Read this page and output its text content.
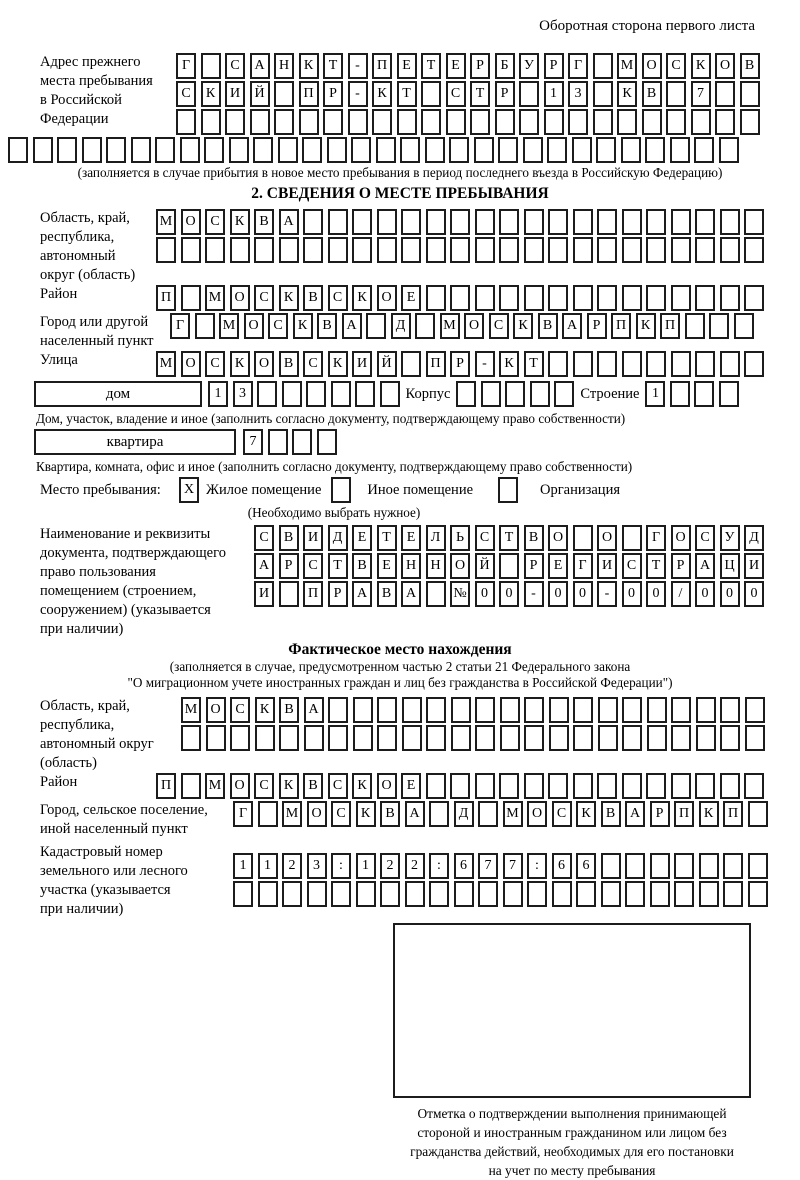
Оборотная сторона первого листа
Адрес прежнего
места пребывания
в Российской
Федерации
Г	С	А	Н	К	Т	-	П	Е	Т	Е	Р	Б	У	Р	Г	М О	С	К	О	В
С	К	И	Й	П	Р	-	К	Т	С	Т	Р	1	3	К	В	7
(заполняется в случае прибытия в новое место пребывания в период последнего въезда в Российскую Федерацию)
2. СВЕДЕНИЯ О МЕСТЕ ПРЕБЫВАНИЯ
Область, край,
республика,
автономный
округ (область)
М О	С	К	В	А
Район	П	М О	С	К	В	С	К	О	Е
Город или другой
населенный пункт
Г	М О	С	К	В	А	Д	М О	С	К	В	А	Р	П	К	П
Улица	М О	С	К	О	В	С	К	И	Й	П	Р	-	К	Т
дом	1	3	Корпус	Строение 1
Дом, участок, владение и иное (заполнить согласно документу, подтверждающему право собственности)
квартира	7
Квартира, комната, офис и иное (заполнить согласно документу, подтверждающему право собственности)
Место пребывания:	X Жилое помещение	Иное помещение	Организация
(Необходимо выбрать нужное)
Наименование и реквизиты
документа, подтверждающего
право пользования
помещением (строением,
сооружением) (указывается
при наличии)
С	В	И	Д	Е	Т	Е	Л	Ь	С	Т	В	О	О	Г	О	С	У	Д
А	Р	С	Т	В	Е	Н	Н	О	Й	Р	Е	Г	И	С	Т	Р	А	Ц	И
И	П	Р	А	В	А	№	0	0	-	0	0	-	0	0	/	0	0	0
Фактическое место нахождения
(заполняется в случае, предусмотренном частью 2 статьи 21 Федерального закона
"О миграционном учете иностранных граждан и лиц без гражданства в Российской Федерации")
Область, край,
республика,
автономный округ
(область)
М О	С	К	В	А
Район	П	М О	С	К	В	С	К	О	Е
Город, сельское поселение,
иной населенный пункт
Г	М О	С	К	В	А	Д	М О	С	К	В	А	Р	П	К	П
Кадастровый номер
земельного или лесного
участка (указывается
при наличии)
1	1	2	3	:	1	2	2	:	6	7	7	:	6	6
Отметка о подтверждении выполнения принимающей
стороной и иностранным гражданином или лицом без
гражданства действий, необходимых для его постановки
на учет по месту пребывания
